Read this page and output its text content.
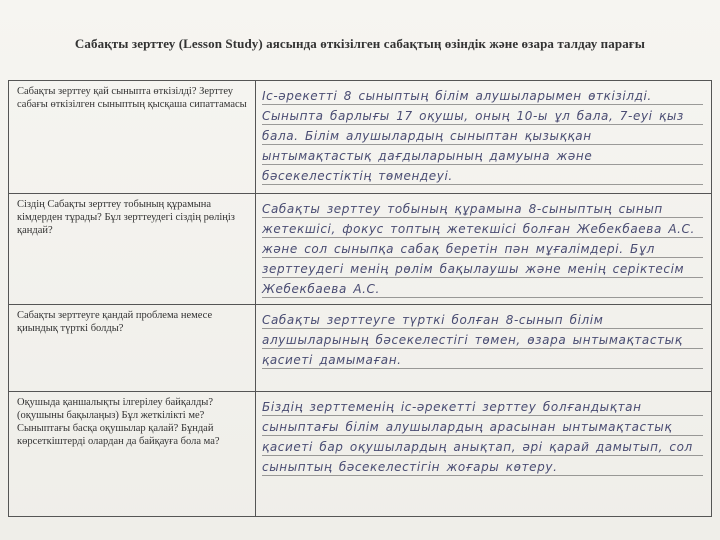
Сабақты зерттеу (Lesson Study) аясында өткізілген сабақтың өзіндік және өзара талдау парағы
Сабақты зерттеу қай сыныпта өткізілді? Зерттеу сабағы өткізілген сыныптың қысқаша сипаттамасы	Іс-әрекетті 8 сыныптың білім алушыларымен өткізілді. Сыныпта барлығы 17 оқушы, оның 10-ы ұл бала, 7-еуі қыз бала. Білім алушылардың сыныптан қызыққан ынтымақтастық дағдыларының дамуына және бәсекелестіктің төмендеуі.

Сіздің Сабақты зерттеу тобының құрамына кімдерден тұрады? Бұл зерттеудегі сіздің рөліңіз қандай?	Сабақты зерттеу тобының құрамына 8-сыныптың сынып жетекшісі, фокус топтың жетекшісі болған Жебекбаева А.С. және сол сыныпқа сабақ беретін пән мұғалімдері. Бұл зерттеудегі менің рөлім бақылаушы және менің серіктесім Жебекбаева А.С.

Сабақты зерттеуге қандай проблема немесе қиындық түрткі болды?	Сабақты зерттеуге түрткі болған 8-сынып білім алушыларының бәсекелестігі төмен, өзара ынтымақтастық қасиеті дамымаған.

Оқушыда қаншалықты ілгерілеу байқалды? (оқушыны бақылаңыз) Бұл жеткілікті ме? Сыныптағы басқа оқушылар қалай? Бұндай көрсеткіштерді олардан да байқауға бола ма?	Біздің зерттеменің іс-әрекетті зерттеу болғандықтан сыныптағы білім алушылардың арасынан ынтымақтастық қасиеті бар оқушылардың анықтап, әрі қарай дамытып, сол сыныптың бәсекелестігін жоғары көтеру.
